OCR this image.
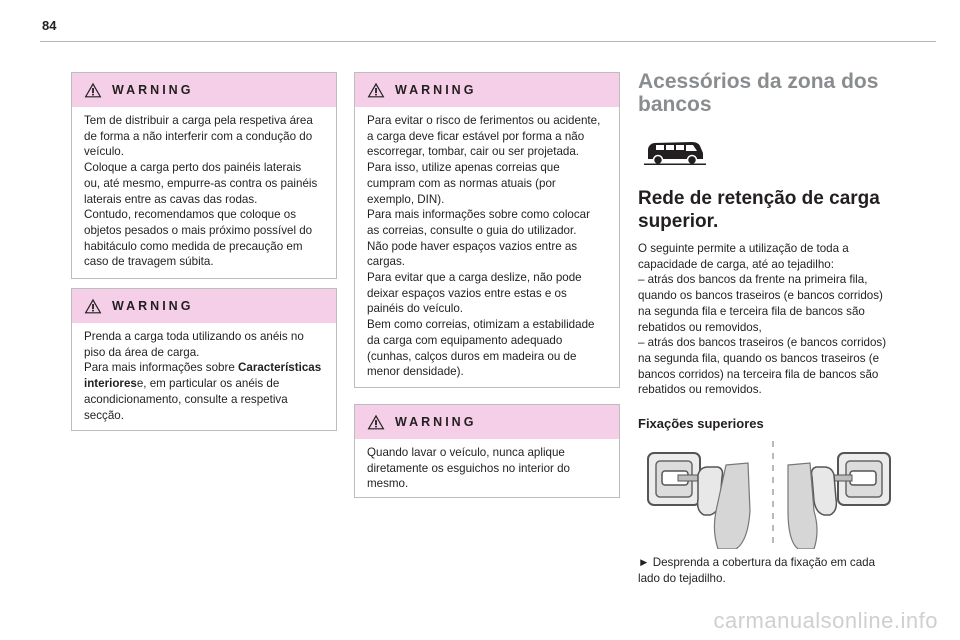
84
WARNING

Tem de distribuir a carga pela respetiva área

de forma a não interferir com a condução do

veículo.

Coloque a carga perto dos painéis laterais

ou, até mesmo, empurre-as contra os painéis

laterais entre as cavas das rodas.

Contudo, recomendamos que coloque os

objetos pesados o mais próximo possível do

habitáculo como medida de precaução em

caso de travagem súbita.

WARNING

Prenda a carga toda utilizando os anéis no

piso da área de carga.

Para mais informações sobre Características

interiorese, em particular os anéis de

acondicionamento, consulte a respetiva

secção.

WARNING

Para evitar o risco de ferimentos ou acidente,

a carga deve ficar estável por forma a não

escorregar, tombar, cair ou ser projetada.

Para isso, utilize apenas correias que

cumpram com as normas atuais (por

exemplo, DIN).

Para mais informações sobre como colocar

as correias, consulte o guia do utilizador.

Não pode haver espaços vazios entre as

cargas.

Para evitar que a carga deslize, não pode

deixar espaços vazios entre estas e os

painéis do veículo.

Bem como correias, otimizam a estabilidade

da carga com equipamento adequado

(cunhas, calços duros em madeira ou de

menor densidade).

WARNING

Quando lavar o veículo, nunca aplique

diretamente os esguichos no interior do

mesmo.

Acessórios da zona dos
bancos
Rede de retenção de carga
superior.

O seguinte permite a utilização de toda a

capacidade de carga, até ao tejadilho:

– atrás dos bancos da frente na primeira fila,

quando os bancos traseiros (e bancos corridos)

na segunda fila e terceira fila de bancos são

rebatidos ou removidos,

– atrás dos bancos traseiros (e bancos corridos)

na segunda fila, quando os bancos traseiros (e

bancos corridos) na terceira fila de bancos são

rebatidos ou removidos.

Fixações superiores
► Desprenda a cobertura da fixação em cada
lado do tejadilho.
carmanualsonline.info
